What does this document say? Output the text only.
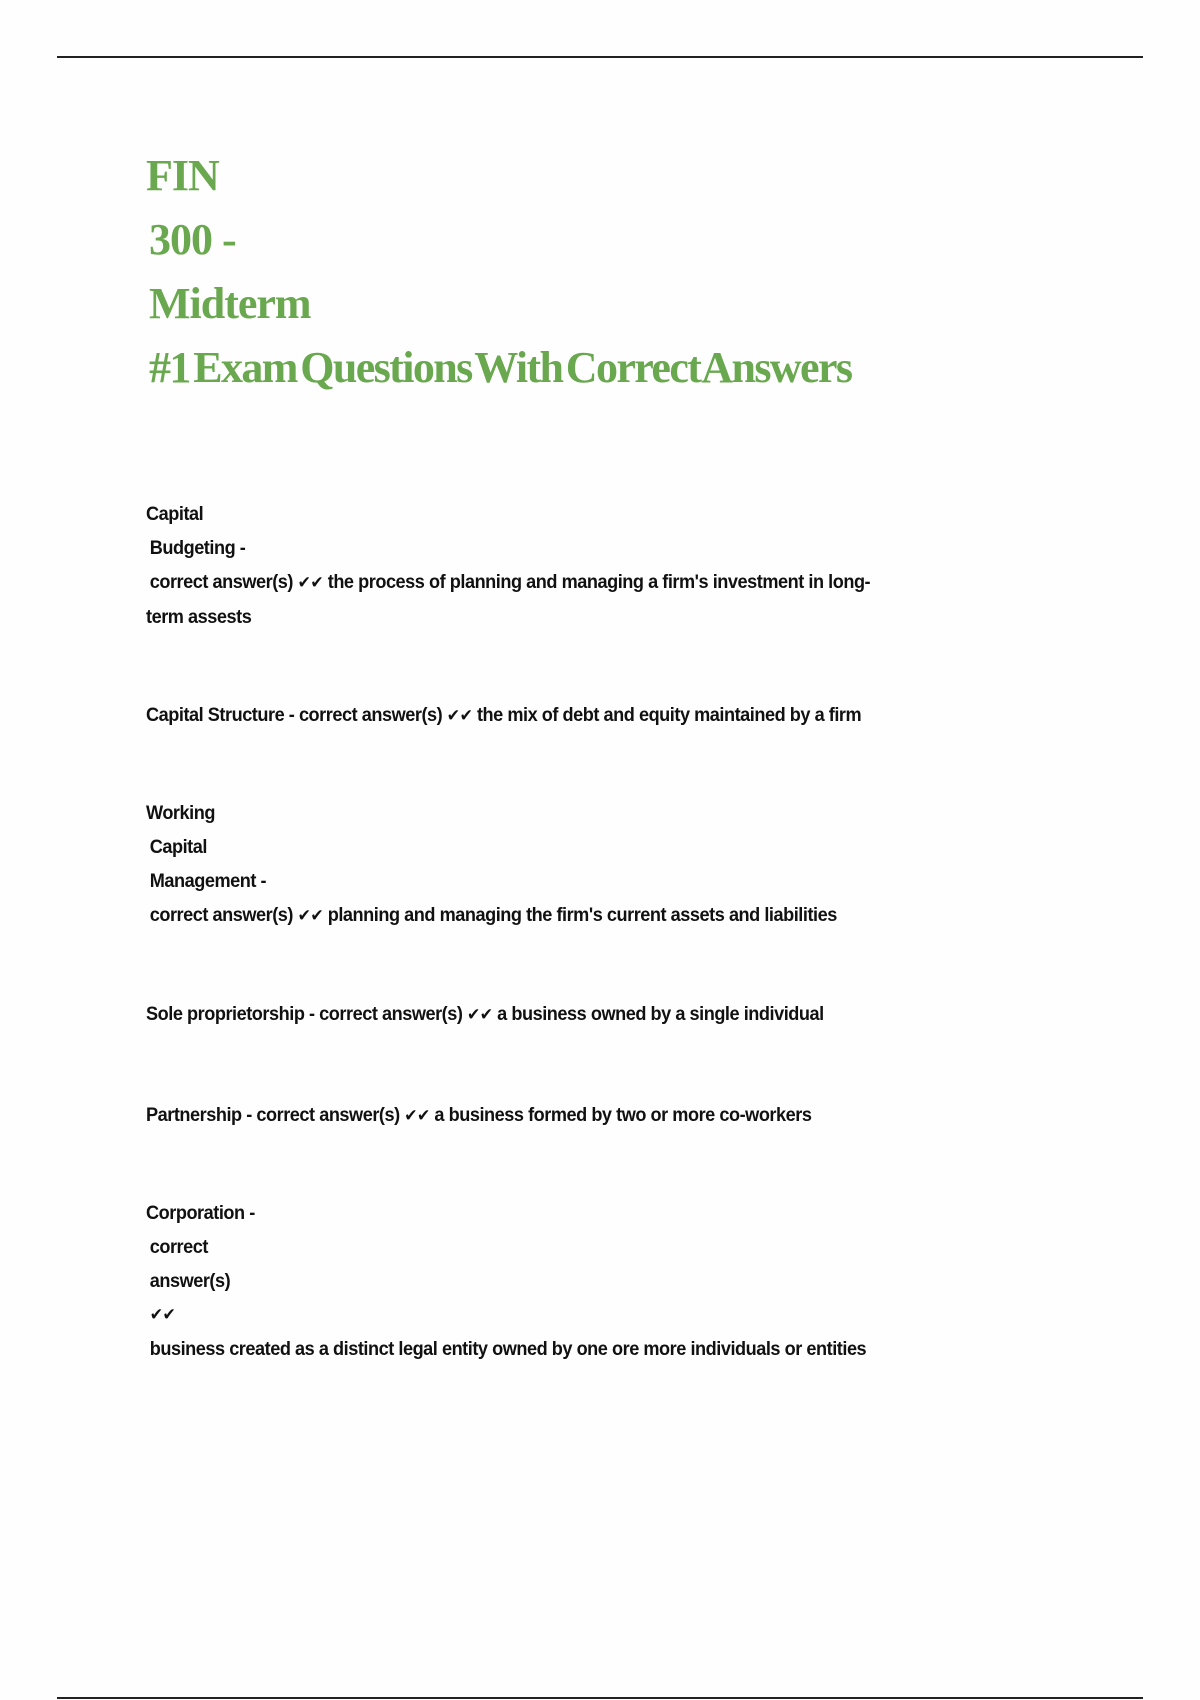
FIN
300 -
Midterm
#1 Exam Questions With Correct Answers
Capital
Budgeting -
correct answer(s) ✔✔ the process of planning and managing a firm's investment in long-
term assests
Capital Structure - correct answer(s) ✔✔ the mix of debt and equity maintained by a firm
Working
Capital
Management -
correct answer(s) ✔✔ planning and managing the firm's current assets and liabilities
Sole proprietorship - correct answer(s) ✔✔ a business owned by a single individual
Partnership - correct answer(s) ✔✔ a business formed by two or more co-workers
Corporation -
correct
answer(s)
✔✔
business created as a distinct legal entity owned by one ore more individuals or entities
